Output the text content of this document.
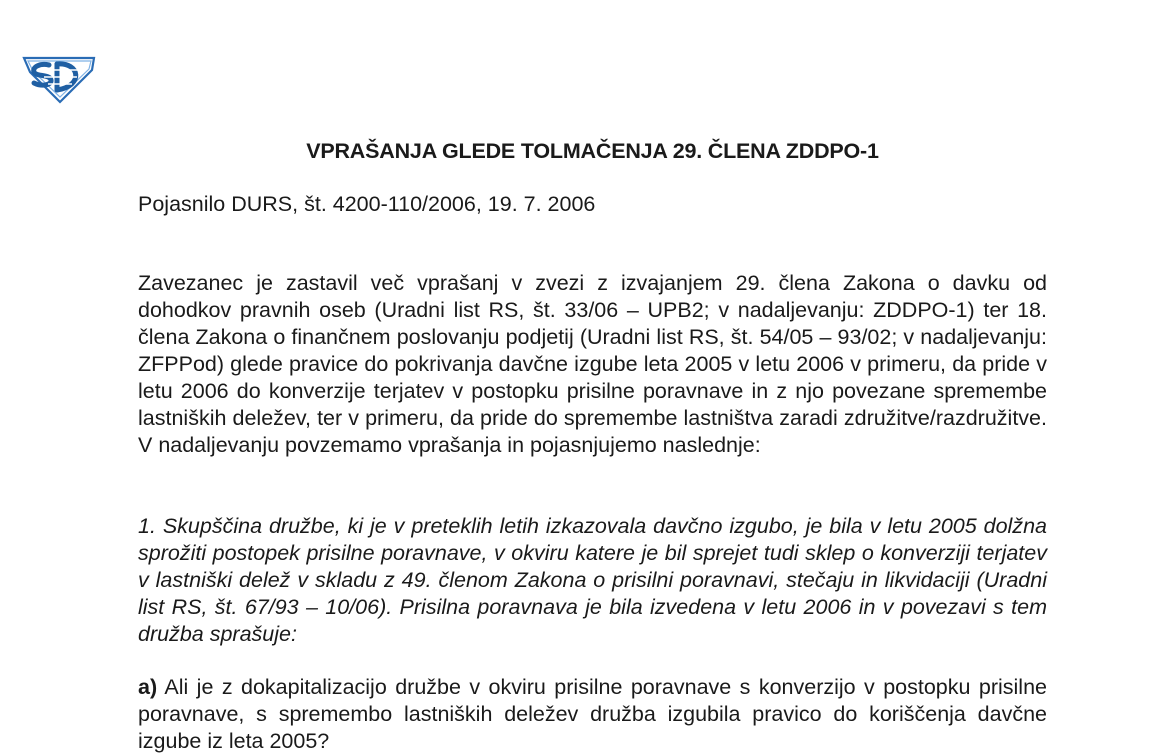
VPRAŠANJA GLEDE TOLMAČENJA 29. ČLENA ZDDPO-1

Pojasnilo DURS, št. 4200-110/2006, 19. 7. 2006

Zavezanec je zastavil več vprašanj v zvezi z izvajanjem 29. člena Zakona o davku od dohodkov pravnih oseb (Uradni list RS, št. 33/06 – UPB2; v nadaljevanju: ZDDPO-1) ter 18. člena Zakona o finančnem poslovanju podjetij (Uradni list RS, št. 54/05 – 93/02; v nadaljevanju: ZFPPod) glede pravice do pokrivanja davčne izgube leta 2005 v letu 2006 v primeru, da pride v letu 2006 do konverzije terjatev v postopku prisilne poravnave in z njo povezane spremembe lastniških deležev, ter v primeru, da pride do spremembe lastništva zaradi združitve/razdružitve. V nadaljevanju povzemamo vprašanja in pojasnjujemo naslednje:

1. Skupščina družbe, ki je v preteklih letih izkazovala davčno izgubo, je bila v letu 2005 dolžna sprožiti postopek prisilne poravnave, v okviru katere je bil sprejet tudi sklep o konverziji terjatev v lastniški delež v skladu z 49. členom Zakona o prisilni poravnavi, stečaju in likvidaciji (Uradni list RS, št. 67/93 – 10/06). Prisilna poravnava je bila izvedena v letu 2006 in v povezavi s tem družba sprašuje:

a) Ali je z dokapitalizacijo družbe v okviru prisilne poravnave s konverzijo v postopku prisilne poravnave, s spremembo lastniških deležev družba izgubila pravico do koriščenja davčne izgube iz leta 2005?
